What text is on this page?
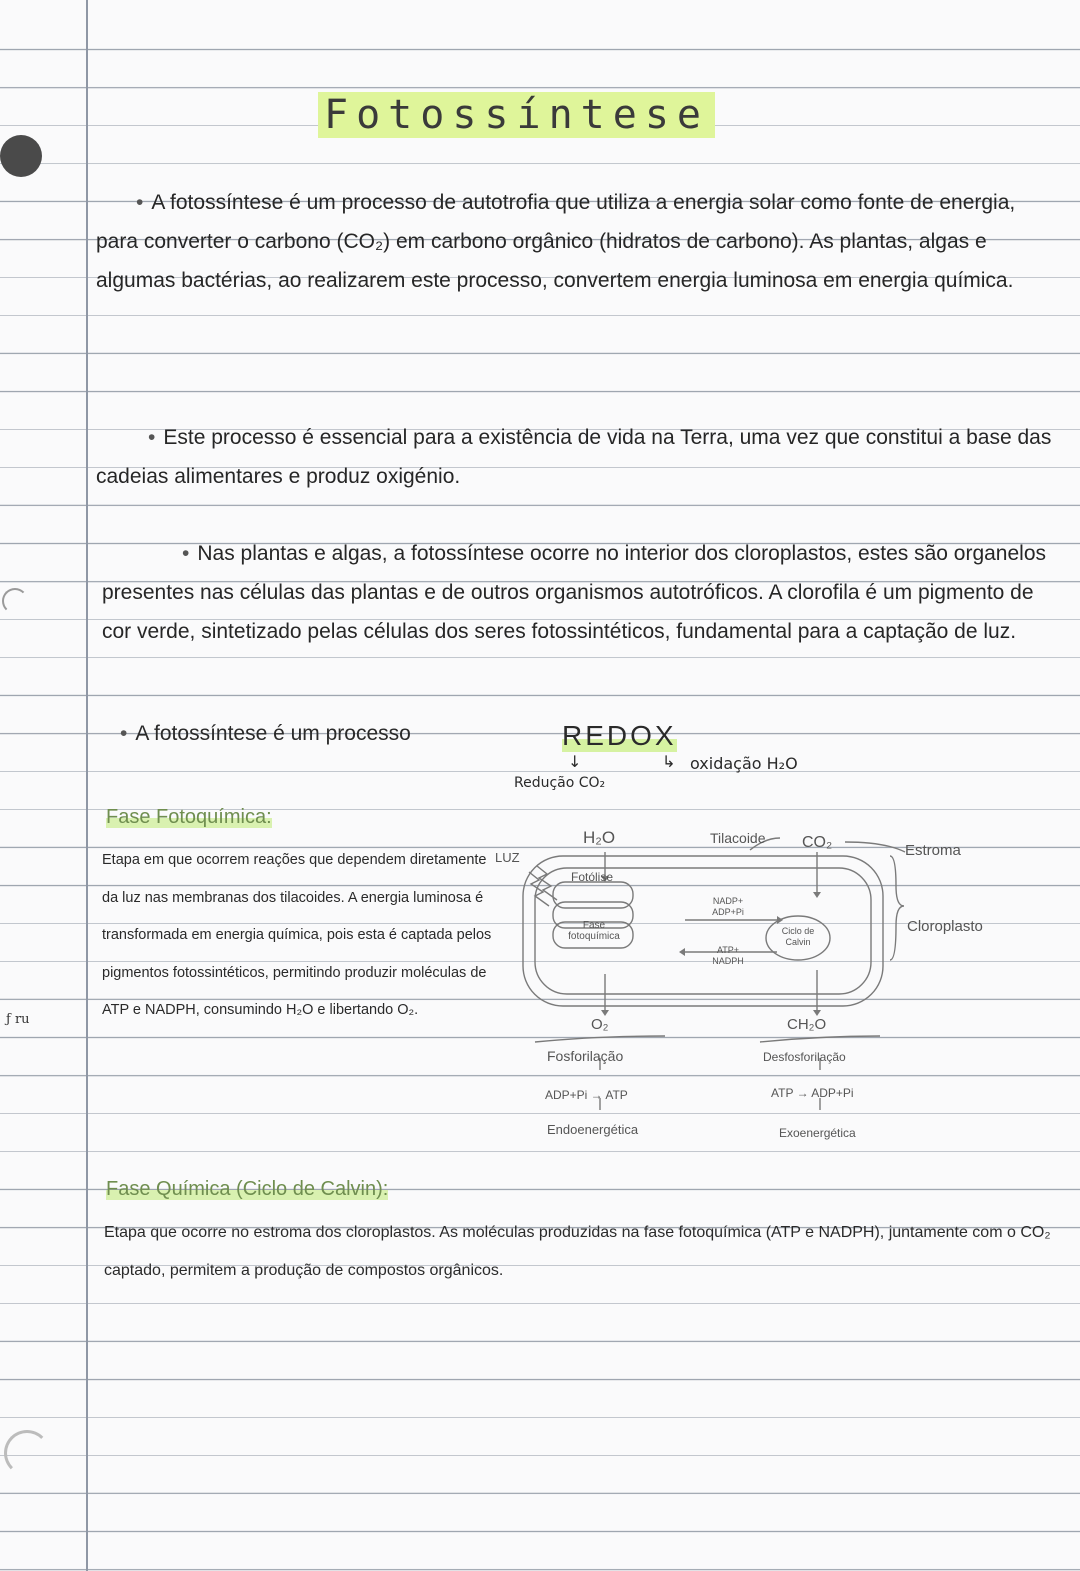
ƒ ru
Fotossíntese
• A fotossíntese é um processo de autotrofia que utiliza a energia solar como fonte de energia, para converter o carbono (CO₂) em carbono orgânico (hidratos de carbono). As plantas, algas e algumas bactérias, ao realizarem este processo, convertem energia luminosa em energia química.
• Este processo é essencial para a existência de vida na Terra, uma vez que constitui a base das cadeias alimentares e produz oxigénio.
• Nas plantas e algas, a fotossíntese ocorre no interior dos cloroplastos, estes são organelos presentes nas células das plantas e de outros organismos autotróficos. A clorofila é um pigmento de cor verde, sintetizado pelas células dos seres fotossintéticos, fundamental para a captação de luz.
• A fotossíntese é um processo	REDOX
↓	↳
Redução CO₂
oxidação H₂O
Fase Fotoquímica:
Etapa em que ocorrem reações que dependem diretamente da luz nas membranas dos tilacoides. A energia luminosa é transformada em energia química, pois esta é captada pelos pigmentos fotossintéticos, permitindo produzir moléculas de ATP e NADPH, consumindo H₂O e libertando O₂.
LUZ
H₂O
Fotólise
Fase fotoquímica
Tilacoide CO₂	Estroma
Cloroplasto
NADP+ ADP+Pi
ATP+ NADPH
Ciclo de Calvin
O₂	CH₂O
Fosforilação	Desfosforilação
ADP+Pi → ATP	ATP → ADP+Pi
Endoenergética	Exoenergética
Fase Química (Ciclo de Calvin):
Etapa que ocorre no estroma dos cloroplastos. As moléculas produzidas na fase fotoquímica (ATP e NADPH), juntamente com o CO₂ captado, permitem a produção de compostos orgânicos.
